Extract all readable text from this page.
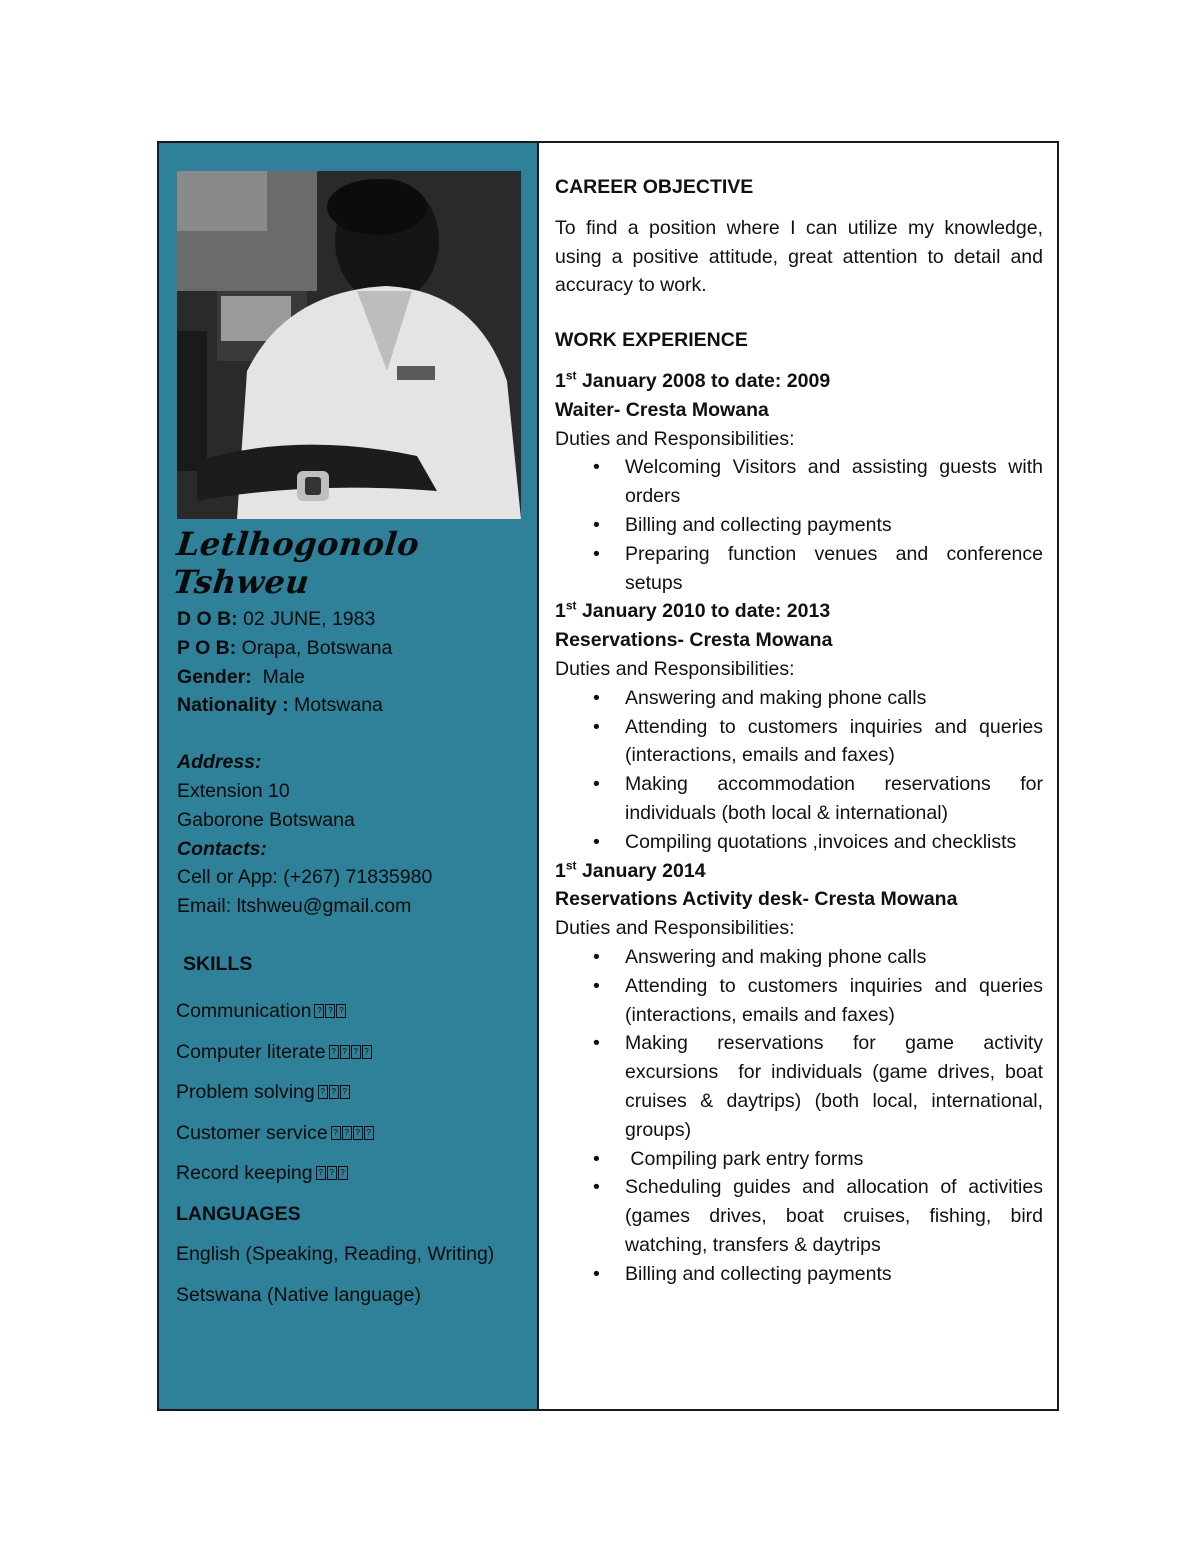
Letlhogonolo Tshweu
D O B: 02 JUNE, 1983
P O B: Orapa, Botswana
Gender:  Male
Nationality : Motswana
Address:
Extension 10
Gaborone Botswana
Contacts:
Cell or App: (+267) 71835980
Email: ltshweu@gmail.com
SKILLS
Communication ? ? ?
Computer literate ? ? ? ?
Problem solving ? ? ?
Customer service ? ? ? ?
Record keeping ? ? ?
LANGUAGES
English (Speaking, Reading, Writing)
Setswana (Native language)
CAREER OBJECTIVE
To find a position where I can utilize my knowledge, using a positive attitude, great attention to detail and accuracy to work.
WORK EXPERIENCE
1st January 2008 to date: 2009
Waiter- Cresta Mowana
Duties and Responsibilities:
• Welcoming Visitors and assisting guests with orders
• Billing and collecting payments
• Preparing function venues and conference setups
1st January 2010 to date: 2013
Reservations- Cresta Mowana
Duties and Responsibilities:
• Answering and making phone calls
• Attending to customers inquiries and queries (interactions, emails and faxes)
• Making accommodation reservations for individuals (both local & international)
• Compiling quotations ,invoices and checklists
1st January 2014
Reservations Activity desk- Cresta Mowana
Duties and Responsibilities:
• Answering and making phone calls
• Attending to customers inquiries and queries (interactions, emails and faxes)
• Making reservations for game activity excursions  for individuals (game drives, boat cruises & daytrips) (both local, international, groups)
• Compiling park entry forms
• Scheduling guides and allocation of activities (games drives, boat cruises, fishing, bird watching, transfers & daytrips
• Billing and collecting payments
